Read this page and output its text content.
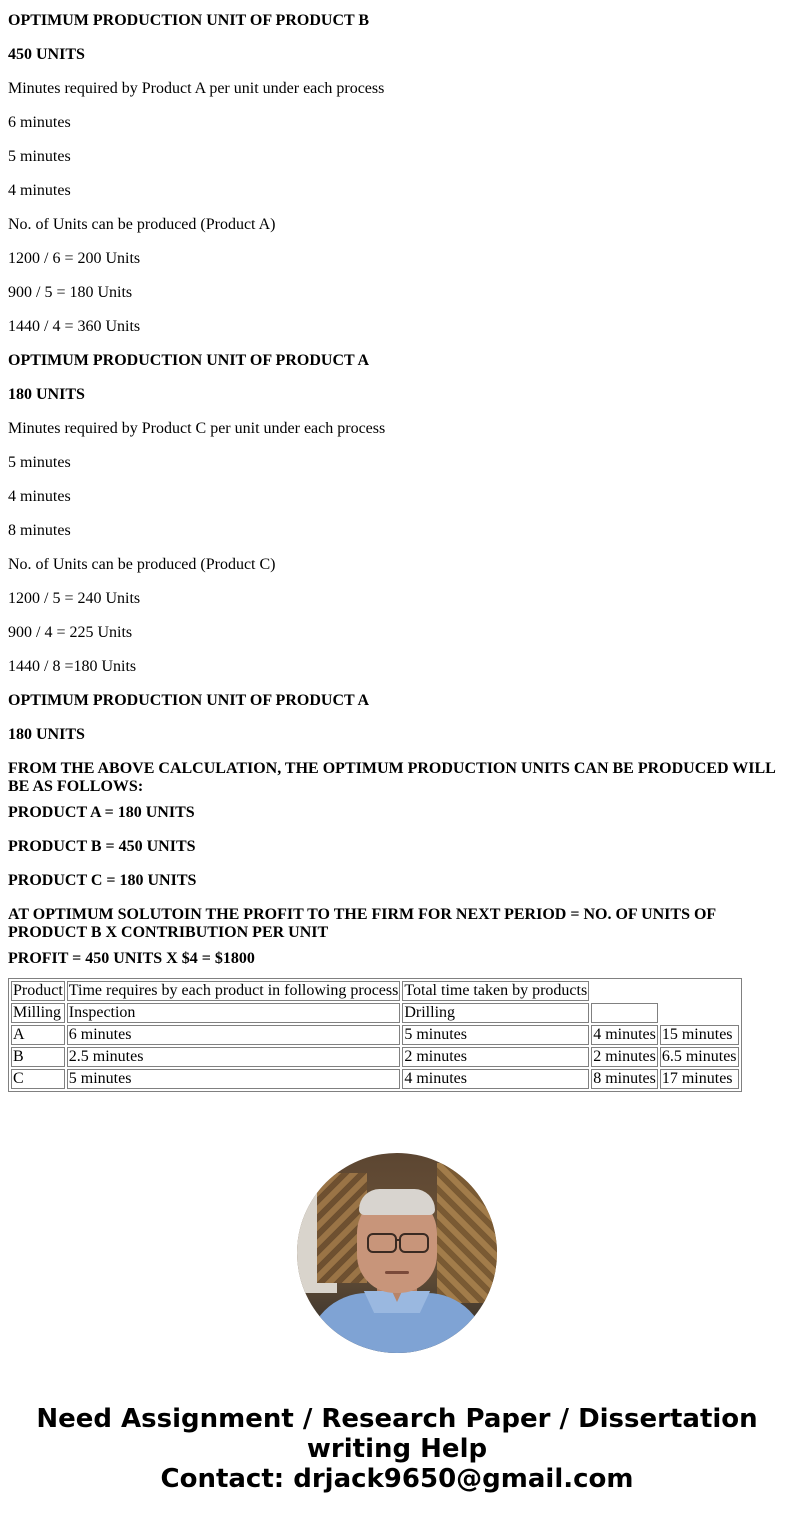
OPTIMUM PRODUCTION UNIT OF PRODUCT B

450 UNITS

Minutes required by Product A per unit under each process

6 minutes

5 minutes

4 minutes

No. of Units can be produced (Product A)

1200 / 6 = 200 Units

900 / 5 = 180 Units

1440 / 4 = 360 Units

OPTIMUM PRODUCTION UNIT OF PRODUCT A

180 UNITS

Minutes required by Product C per unit under each process

5 minutes

4 minutes

8 minutes

No. of Units can be produced (Product C)

1200 / 5 = 240 Units

900 / 4 = 225 Units

1440 / 8 =180 Units

OPTIMUM PRODUCTION UNIT OF PRODUCT A

180 UNITS

FROM THE ABOVE CALCULATION, THE OPTIMUM PRODUCTION UNITS CAN BE PRODUCED WILL BE AS FOLLOWS:

PRODUCT A = 180 UNITS

PRODUCT B = 450 UNITS

PRODUCT C = 180 UNITS

AT OPTIMUM SOLUTOIN THE PROFIT TO THE FIRM FOR NEXT PERIOD = NO. OF UNITS OF PRODUCT B X CONTRIBUTION PER UNIT

PROFIT = 450 UNITS X $4 = $1800

Product	Time requires by each product in following process	Total time taken by products		
Milling	Inspection	Drilling		
A	6 minutes	5 minutes	4 minutes	15 minutes
B	2.5 minutes	2 minutes	2 minutes	6.5 minutes
C	5 minutes	4 minutes	8 minutes	17 minutes
Need Assignment / Research Paper / Dissertation
writing Help
Contact: drjack9650@gmail.com
